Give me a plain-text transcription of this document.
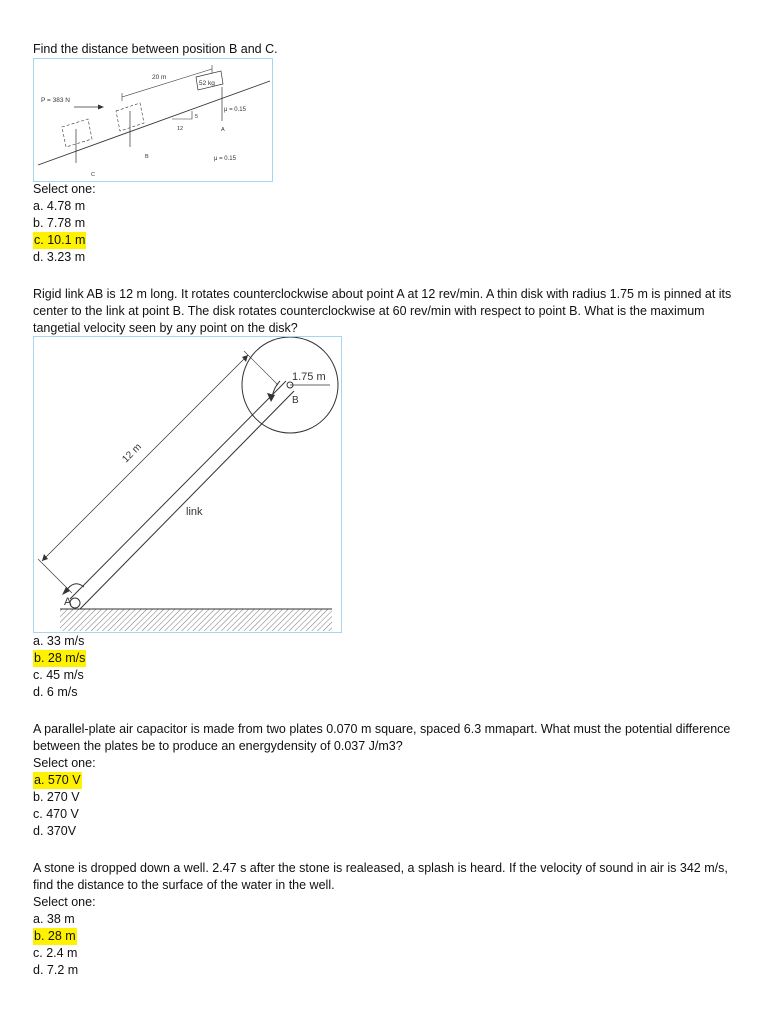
Find the distance between position B and C.

20 m
52 kg
P = 383 N
μ = 0.15
μ = 0.15
5
12	A
B
C
Select one:
a. 4.78 m
b. 7.78 m
c. 10.1 m
d. 3.23 m

Rigid link AB is 12 m long. It rotates counterclockwise about point A at 12 rev/min. A thin disk with radius 1.75 m is pinned at its center to the link at point B. The disk rotates counterclockwise at 60 rev/min with respect to point B. What is the maximum tangetial velocity seen by any point on the disk?

1.75 m
B
12 m
link
A
a. 33 m/s
b. 28 m/s
c. 45 m/s
d. 6 m/s

A parallel-plate air capacitor is made from two plates 0.070 m square, spaced 6.3 mmapart. What must the potential difference between the plates be to produce an energydensity of 0.037 J/m3?

Select one:
a. 570 V
b. 270 V
c. 470 V
d. 370V

A stone is dropped down a well. 2.47 s after the stone is realeased, a splash is heard. If the velocity of sound in air is 342 m/s, find the distance to the surface of the water in the well.

Select one:
a. 38 m
b. 28 m
c. 2.4 m
d. 7.2 m
